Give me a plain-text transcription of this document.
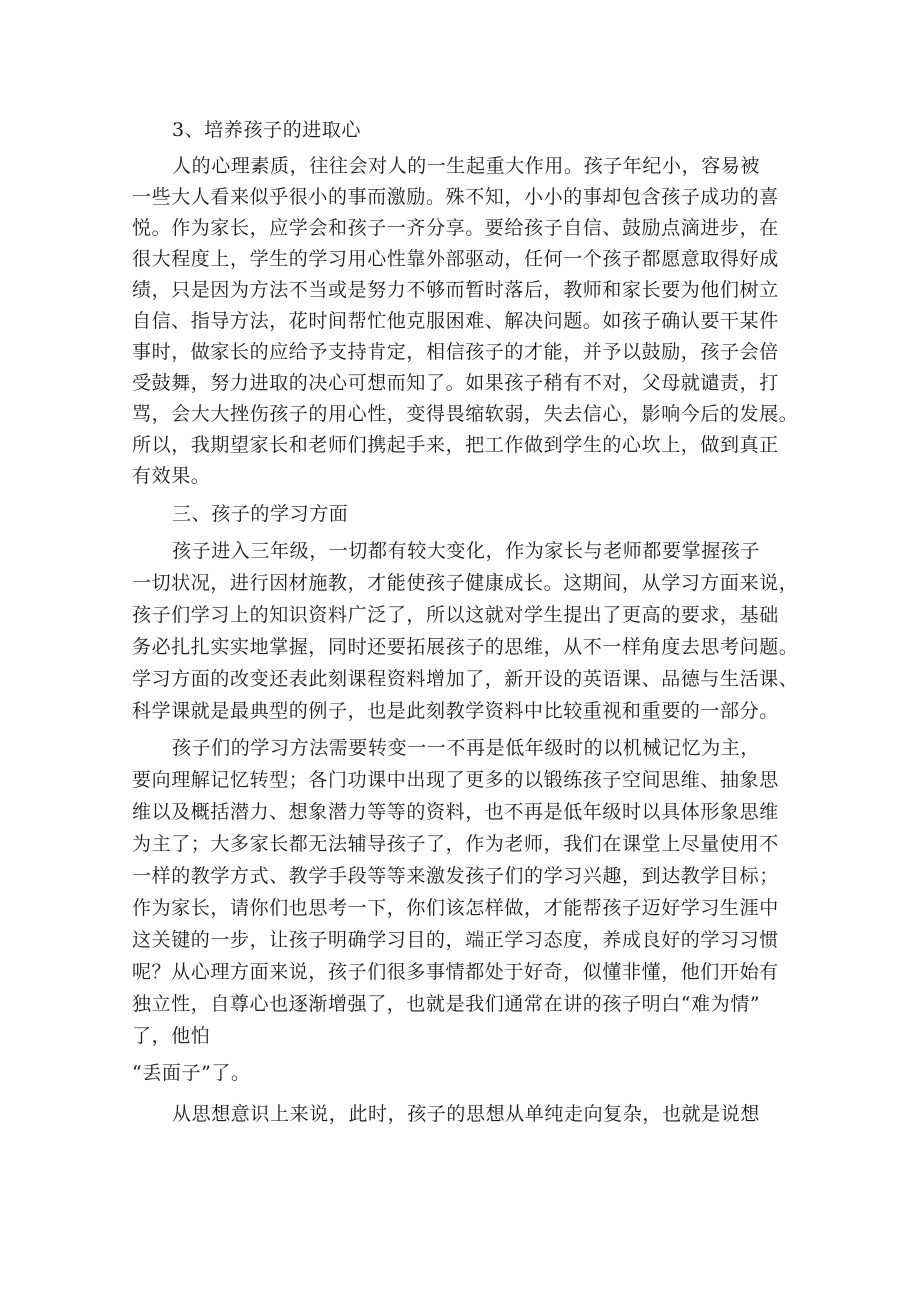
3、培养孩子的进取心
人的心理素质，往往会对人的一生起重大作用。孩子年纪小，容易被
一些大人看来似乎很小的事而激励。殊不知，小小的事却包含孩子成功的喜
悦。作为家长，应学会和孩子一齐分享。要给孩子自信、鼓励点滴进步，在
很大程度上，学生的学习用心性靠外部驱动，任何一个孩子都愿意取得好成
绩，只是因为方法不当或是努力不够而暂时落后，教师和家长要为他们树立
自信、指导方法，花时间帮忙他克服困难、解决问题。如孩子确认要干某件
事时，做家长的应给予支持肯定，相信孩子的才能，并予以鼓励，孩子会倍
受鼓舞，努力进取的决心可想而知了。如果孩子稍有不对，父母就谴责，打
骂，会大大挫伤孩子的用心性，变得畏缩软弱，失去信心，影响今后的发展。
所以，我期望家长和老师们携起手来，把工作做到学生的心坎上，做到真正
有效果。
三、孩子的学习方面
孩子进入三年级，一切都有较大变化，作为家长与老师都要掌握孩子
一切状况，进行因材施教，才能使孩子健康成长。这期间，从学习方面来说，
孩子们学习上的知识资料广泛了，所以这就对学生提出了更高的要求，基础
务必扎扎实实地掌握，同时还要拓展孩子的思维，从不一样角度去思考问题。
学习方面的改变还表此刻课程资料增加了，新开设的英语课、品德与生活课、
科学课就是最典型的例子，也是此刻教学资料中比较重视和重要的一部分。
孩子们的学习方法需要转变一一不再是低年级时的以机械记忆为主，
要向理解记忆转型；各门功课中出现了更多的以锻练孩子空间思维、抽象思
维以及概括潜力、想象潜力等等的资料，也不再是低年级时以具体形象思维
为主了；大多家长都无法辅导孩子了，作为老师，我们在课堂上尽量使用不
一样的教学方式、教学手段等等来激发孩子们的学习兴趣，到达教学目标；
作为家长，请你们也思考一下，你们该怎样做，才能帮孩子迈好学习生涯中
这关键的一步，让孩子明确学习目的，端正学习态度，养成良好的学习习惯
呢？从心理方面来说，孩子们很多事情都处于好奇，似懂非懂，他们开始有
独立性，自尊心也逐渐增强了，也就是我们通常在讲的孩子明白“难为情”
了，他怕
“丢面子”了。
从思想意识上来说，此时，孩子的思想从单纯走向复杂，也就是说想
